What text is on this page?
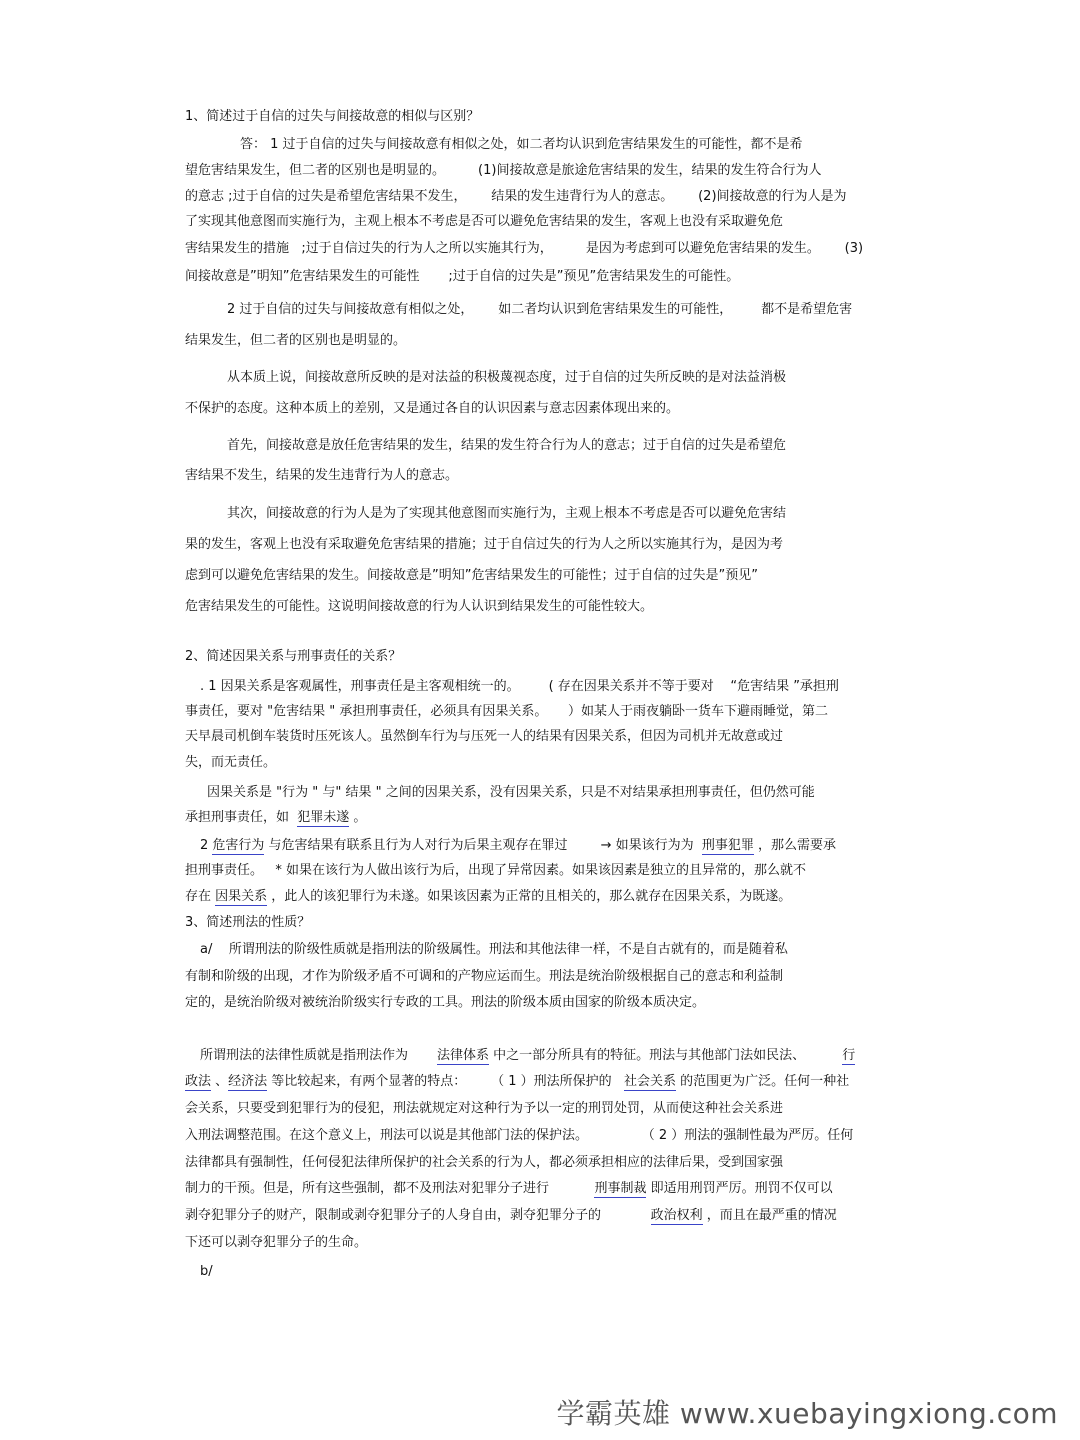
1、简述过于自信的过失与间接故意的相似与区别？
答： 1 过于自信的过失与间接故意有相似之处，如二者均认识到危害结果发生的可能性，都不是希
望危害结果发生，但二者的区别也是明显的。        (1)间接故意是旅途危害结果的发生，结果的发生符合行为人
的意志 ;过于自信的过失是希望危害结果不发生，      结果的发生违背行为人的意志。      (2)间接故意的行为人是为
了实现其他意图而实施行为，主观上根本不考虑是否可以避免危害结果的发生，客观上也没有采取避免危
害结果发生的措施   ;过于自信过失的行为人之所以实施其行为，        是因为考虑到可以避免危害结果的发生。      (3)
间接故意是”明知”危害结果发生的可能性       ;过于自信的过失是”预见”危害结果发生的可能性。
2 过于自信的过失与间接故意有相似之处，      如二者均认识到危害结果发生的可能性，       都不是希望危害
结果发生，但二者的区别也是明显的。
从本质上说，间接故意所反映的是对法益的积极蔑视态度，过于自信的过失所反映的是对法益消极
不保护的态度。这种本质上的差别，又是通过各自的认识因素与意志因素体现出来的。
首先，间接故意是放任危害结果的发生，结果的发生符合行为人的意志；过于自信的过失是希望危
害结果不发生，结果的发生违背行为人的意志。
其次，间接故意的行为人是为了实现其他意图而实施行为，主观上根本不考虑是否可以避免危害结
果的发生，客观上也没有采取避免危害结果的措施；过于自信过失的行为人之所以实施其行为，是因为考
虑到可以避免危害结果的发生。间接故意是”明知”危害结果发生的可能性；过于自信的过失是”预见”
危害结果发生的可能性。这说明间接故意的行为人认识到结果发生的可能性较大。
2、简述因果关系与刑事责任的关系？
. 1 因果关系是客观属性，刑事责任是主客观相统一的。       ( 存在因果关系并不等于要对    “危害结果 ”承担刑
事责任，要对 "危害结果 " 承担刑事责任，必须具有因果关系。     ）如某人于雨夜躺卧一货车下避雨睡觉，第二
天早晨司机倒车装货时压死该人。虽然倒车行为与压死一人的结果有因果关系，但因为司机并无故意或过
失，而无责任。
因果关系是 "行为 " 与" 结果 " 之间的因果关系，没有因果关系，只是不对结果承担刑事责任，但仍然可能
承担刑事责任，如  犯罪未遂 。
2 危害行为 与危害结果有联系且行为人对行为后果主观存在罪过        → 如果该行为为  刑事犯罪 ，那么需要承
担刑事责任。   * 如果在该行为人做出该行为后，出现了异常因素。如果该因素是独立的且异常的，那么就不
存在 因果关系 ，此人的该犯罪行为未遂。如果该因素为正常的且相关的，那么就存在因果关系，为既遂。
3、简述刑法的性质？
a/    所谓刑法的阶级性质就是指刑法的阶级属性。刑法和其他法律一样，不是自古就有的，而是随着私
有制和阶级的出现，才作为阶级矛盾不可调和的产物应运而生。刑法是统治阶级根据自己的意志和利益制
定的，是统治阶级对被统治阶级实行专政的工具。刑法的阶级本质由国家的阶级本质决定。
所谓刑法的法律性质就是指刑法作为       法律体系 中之一部分所具有的特征。刑法与其他部门法如民法、         行
政法 、经济法 等比较起来，有两个显著的特点：      （ 1 ）刑法所保护的   社会关系 的范围更为广泛。任何一种社
会关系，只要受到犯罪行为的侵犯，刑法就规定对这种行为予以一定的刑罚处罚，从而使这种社会关系进
入刑法调整范围。在这个意义上，刑法可以说是其他部门法的保护法。             （ 2 ）刑法的强制性最为严厉。任何
法律都具有强制性，任何侵犯法律所保护的社会关系的行为人，都必须承担相应的法律后果，受到国家强
制力的干预。但是，所有这些强制，都不及刑法对犯罪分子进行           刑事制裁 即适用刑罚严厉。刑罚不仅可以
剥夺犯罪分子的财产，限制或剥夺犯罪分子的人身自由，剥夺犯罪分子的            政治权利 ，而且在最严重的情况
下还可以剥夺犯罪分子的生命。
b/
学霸英雄 www.xuebayingxiong.com
